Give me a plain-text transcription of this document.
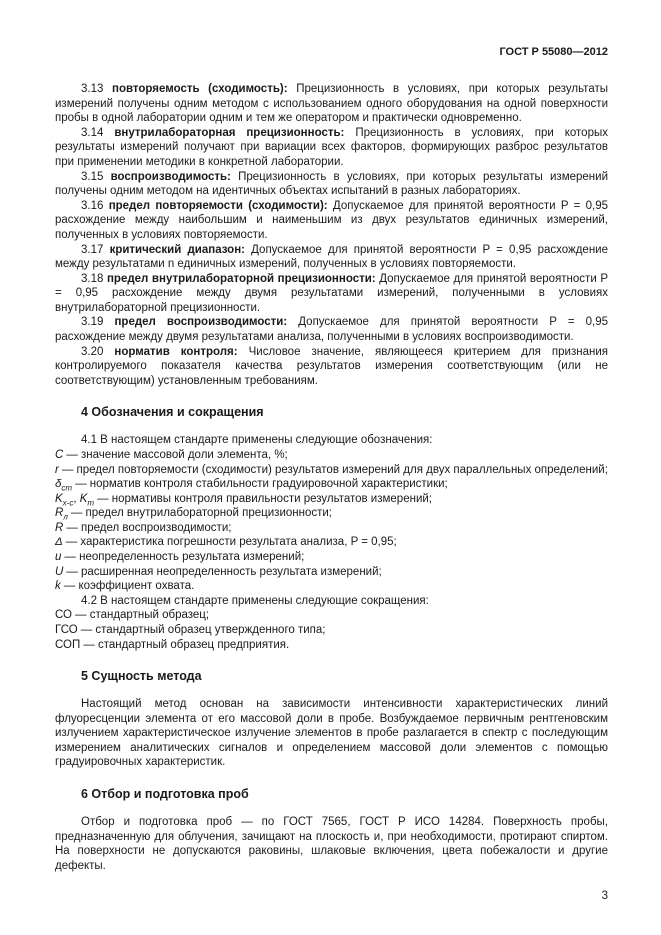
ГОСТ Р 55080—2012

3.13 повторяемость (сходимость): Прецизионность в условиях, при которых результаты измерений получены одним методом с использованием одного оборудования на одной поверхности пробы в одной лаборатории одним и тем же оператором и практически одновременно.

3.14 внутрилабораторная прецизионность: Прецизионность в условиях, при которых результаты измерений получают при вариации всех факторов, формирующих разброс результатов при применении методики в конкретной лаборатории.

3.15 воспроизводимость: Прецизионность в условиях, при которых результаты измерений получены одним методом на идентичных объектах испытаний в разных лабораториях.

3.16 предел повторяемости (сходимости): Допускаемое для принятой вероятности P = 0,95 расхождение между наибольшим и наименьшим из двух результатов единичных измерений, полученных в условиях повторяемости.

3.17 критический диапазон: Допускаемое для принятой вероятности P = 0,95 расхождение между результатами n единичных измерений, полученных в условиях повторяемости.

3.18 предел внутрилабораторной прецизионности: Допускаемое для принятой вероятности P = 0,95 расхождение между двумя результатами измерений, полученными в условиях внутрилабораторной прецизионности.

3.19 предел воспроизводимости: Допускаемое для принятой вероятности P = 0,95 расхождение между двумя результатами анализа, полученными в условиях воспроизводимости.

3.20 норматив контроля: Числовое значение, являющееся критерием для признания контролируемого показателя качества результатов измерения соответствующим (или не соответствующим) установленным требованиям.

4 Обозначения и сокращения

4.1 В настоящем стандарте применены следующие обозначения:

C — значение массовой доли элемента, %;

r — предел повторяемости (сходимости) результатов измерений для двух параллельных определений;

$\delta_{ст}$ — норматив контроля стабильности градуировочной характеристики;

$K_{х-с}$, $K_т$ — нормативы контроля правильности результатов измерений;

$R_л$ — предел внутрилабораторной прецизионности;

R — предел воспроизводимости;

Δ — характеристика погрешности результата анализа, P = 0,95;

u — неопределенность результата измерений;

U — расширенная неопределенность результата измерений;

k — коэффициент охвата.

4.2 В настоящем стандарте применены следующие сокращения:

СО — стандартный образец;

ГСО — стандартный образец утвержденного типа;

СОП — стандартный образец предприятия.

5 Сущность метода

Настоящий метод основан на зависимости интенсивности характеристических линий флуоресценции элемента от его массовой доли в пробе. Возбуждаемое первичным рентгеновским излучением характеристическое излучение элементов в пробе разлагается в спектр с последующим измерением аналитических сигналов и определением массовой доли элементов с помощью градуировочных характеристик.

6 Отбор и подготовка проб

Отбор и подготовка проб — по ГОСТ 7565, ГОСТ Р ИСО 14284. Поверхность пробы, предназначенную для облучения, зачищают на плоскость и, при необходимости, протирают спиртом. На поверхности не допускаются раковины, шлаковые включения, цвета побежалости и другие дефекты.

3
